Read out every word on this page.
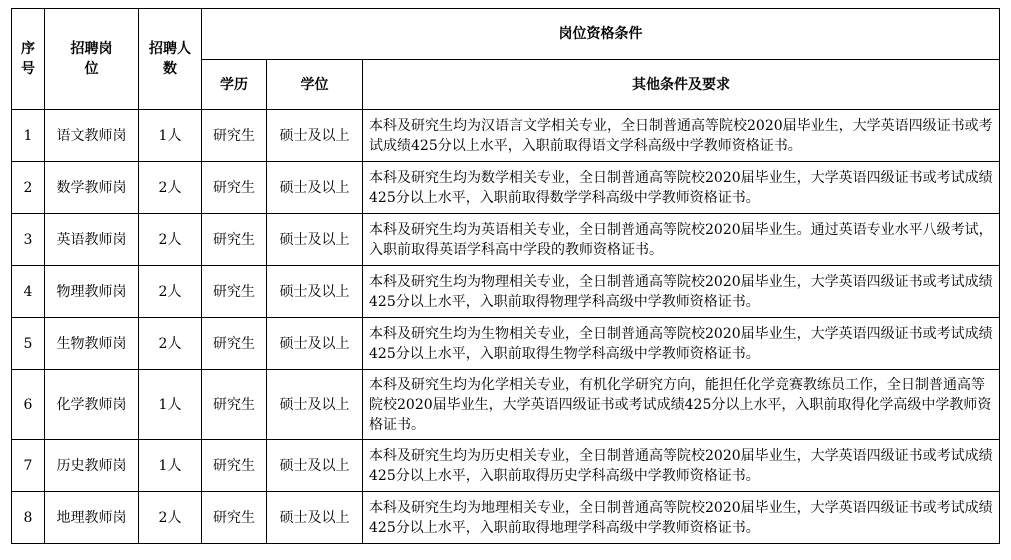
序号	招聘岗位	招聘人数	岗位资格条件		
			学历	学位	其他条件及要求
1	语文教师岗	1人	研究生	硕士及以上	本科及研究生均为汉语言文学相关专业，全日制普通高等院校2020届毕业生，大学英语四级证书或考试成绩425分以上水平，入职前取得语文学科高级中学教师资格证书。
2	数学教师岗	2人	研究生	硕士及以上	本科及研究生均为数学相关专业，全日制普通高等院校2020届毕业生，大学英语四级证书或考试成绩425分以上水平，入职前取得数学学科高级中学教师资格证书。
3	英语教师岗	2人	研究生	硕士及以上	本科及研究生均为英语相关专业，全日制普通高等院校2020届毕业生。通过英语专业水平八级考试，入职前取得英语学科高中学段的教师资格证书。
4	物理教师岗	2人	研究生	硕士及以上	本科及研究生均为物理相关专业，全日制普通高等院校2020届毕业生，大学英语四级证书或考试成绩425分以上水平，入职前取得物理学科高级中学教师资格证书。
5	生物教师岗	2人	研究生	硕士及以上	本科及研究生均为生物相关专业，全日制普通高等院校2020届毕业生，大学英语四级证书或考试成绩425分以上水平，入职前取得生物学科高级中学教师资格证书。
6	化学教师岗	1人	研究生	硕士及以上	本科及研究生均为化学相关专业，有机化学研究方向，能担任化学竞赛教练员工作，全日制普通高等院校2020届毕业生，大学英语四级证书或考试成绩425分以上水平，入职前取得化学高级中学教师资格证书。
7	历史教师岗	1人	研究生	硕士及以上	本科及研究生均为历史相关专业，全日制普通高等院校2020届毕业生，大学英语四级证书或考试成绩425分以上水平，入职前取得历史学科高级中学教师资格证书。
8	地理教师岗	2人	研究生	硕士及以上	本科及研究生均为地理相关专业，全日制普通高等院校2020届毕业生，大学英语四级证书或考试成绩425分以上水平，入职前取得地理学科高级中学教师资格证书。
